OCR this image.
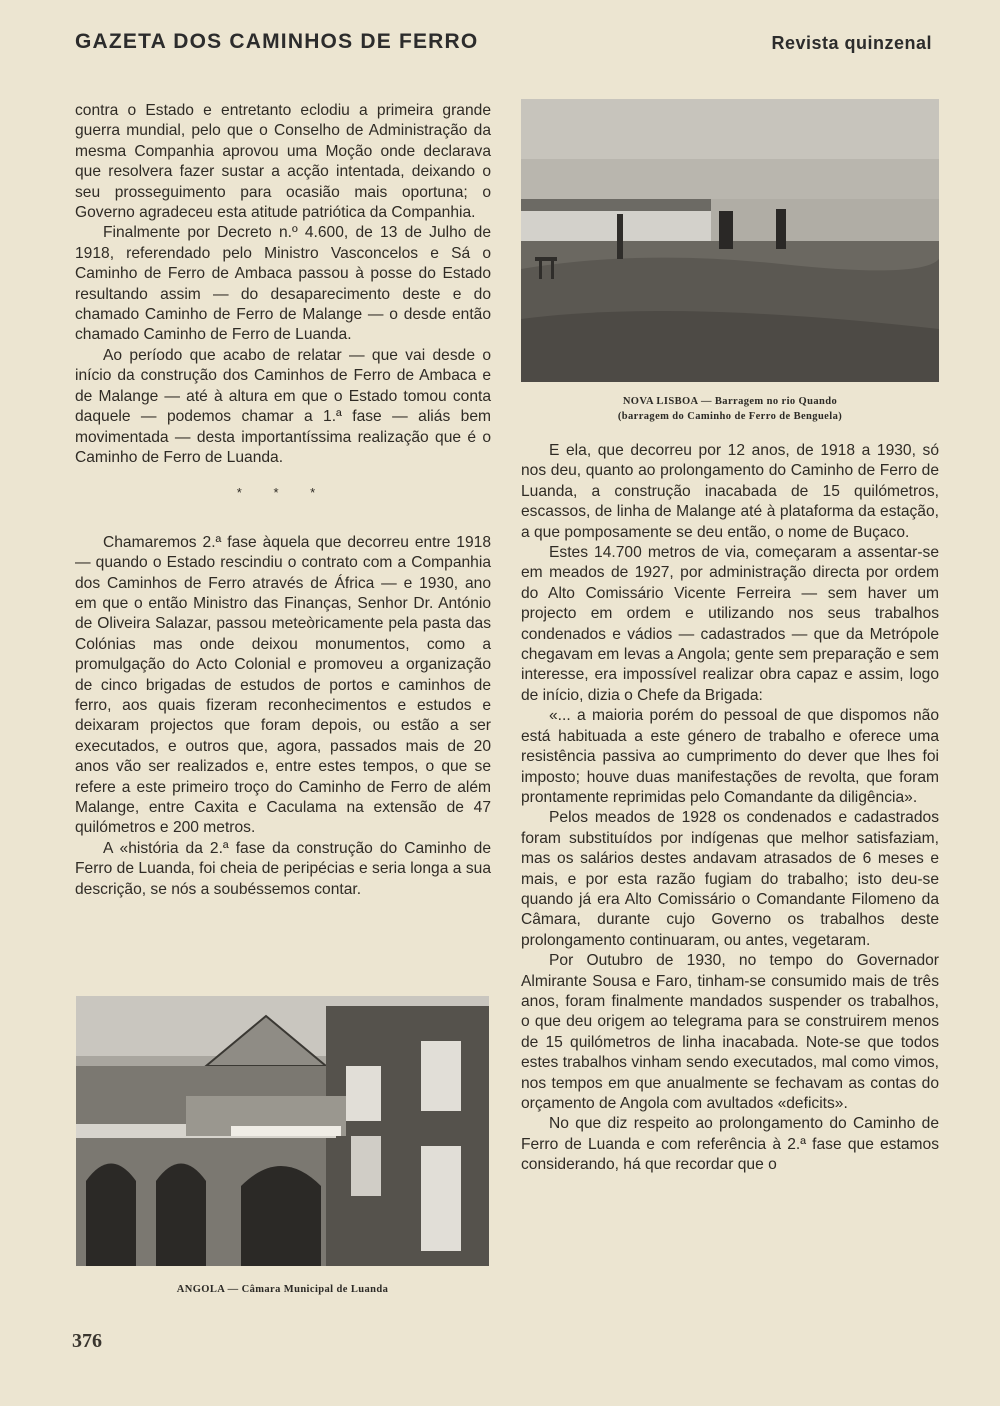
GAZETA DOS CAMINHOS DE FERRO	Revista quinzenal

contra o Estado e entretanto eclodiu a primeira grande guerra mundial, pelo que o Conselho de Administração da mesma Companhia aprovou uma Moção onde declarava que resolvera fazer sustar a acção intentada, deixando o seu prosseguimento para ocasião mais oportuna; o Governo agradeceu esta atitude patriótica da Companhia.

Finalmente por Decreto n.º 4.600, de 13 de Julho de 1918, referendado pelo Ministro Vasconcelos e Sá o Caminho de Ferro de Ambaca passou à posse do Estado resultando assim — do desaparecimento deste e do chamado Caminho de Ferro de Malange — o desde então chamado Caminho de Ferro de Luanda.

Ao período que acabo de relatar — que vai desde o início da construção dos Caminhos de Ferro de Ambaca e de Malange — até à altura em que o Estado tomou conta daquele — podemos chamar a 1.ª fase — aliás bem movimentada — desta importantíssima realização que é o Caminho de Ferro de Luanda.

* * *

Chamaremos 2.ª fase àquela que decorreu entre 1918 — quando o Estado rescindiu o contrato com a Companhia dos Caminhos de Ferro através de África — e 1930, ano em que o então Ministro das Finanças, Senhor Dr. António de Oliveira Salazar, passou meteòricamente pela pasta das Colónias mas onde deixou monumentos, como a promulgação do Acto Colonial e promoveu a organização de cinco brigadas de estudos de portos e caminhos de ferro, aos quais fizeram reconhecimentos e estudos e deixaram projectos que foram depois, ou estão a ser executados, e outros que, agora, passados mais de 20 anos vão ser realizados e, entre estes tempos, o que se refere a este primeiro troço do Caminho de Ferro de além Malange, entre Caxita e Caculama na extensão de 47 quilómetros e 200 metros.

A «história da 2.ª fase da construção do Caminho de Ferro de Luanda, foi cheia de peripécias e seria longa a sua descrição, se nós a soubéssemos contar.

NOVA LISBOA — Barragem no rio Quando
(barragem do Caminho de Ferro de Benguela)
ANGOLA — Câmara Municipal de Luanda

E ela, que decorreu por 12 anos, de 1918 a 1930, só nos deu, quanto ao prolongamento do Caminho de Ferro de Luanda, a construção inacabada de 15 quilómetros, escassos, de linha de Malange até à plataforma da estação, a que pomposamente se deu então, o nome de Buçaco.

Estes 14.700 metros de via, começaram a assentar-se em meados de 1927, por administração directa por ordem do Alto Comissário Vicente Ferreira — sem haver um projecto em ordem e utilizando nos seus trabalhos condenados e vádios — cadastrados — que da Metrópole chegavam em levas a Angola; gente sem preparação e sem interesse, era impossível realizar obra capaz e assim, logo de início, dizia o Chefe da Brigada:

«... a maioria porém do pessoal de que dispomos não está habituada a este género de trabalho e oferece uma resistência passiva ao cumprimento do dever que lhes foi imposto; houve duas manifestações de revolta, que foram prontamente reprimidas pelo Comandante da diligência».

Pelos meados de 1928 os condenados e cadastrados foram substituídos por indígenas que melhor satisfaziam, mas os salários destes andavam atrasados de 6 meses e mais, e por esta razão fugiam do trabalho; isto deu-se quando já era Alto Comissário o Comandante Filomeno da Câmara, durante cujo Governo os trabalhos deste prolongamento continuaram, ou antes, vegetaram.

Por Outubro de 1930, no tempo do Governador Almirante Sousa e Faro, tinham-se consumido mais de três anos, foram finalmente mandados suspender os trabalhos, o que deu origem ao telegrama para se construirem menos de 15 quilómetros de linha inacabada. Note-se que todos estes trabalhos vinham sendo executados, mal como vimos, nos tempos em que anualmente se fechavam as contas do orçamento de Angola com avultados «deficits».

No que diz respeito ao prolongamento do Caminho de Ferro de Luanda e com referência à 2.ª fase que estamos considerando, há que recordar que o

376
